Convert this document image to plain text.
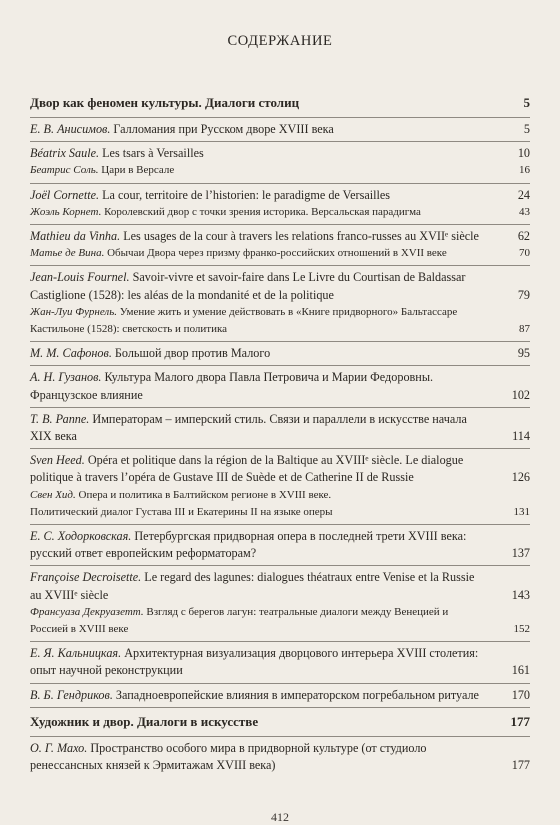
СОДЕРЖАНИЕ
Двор как феномен культуры. Диалоги столиц	5
Е. В. Анисимов. Галломания при Русском дворе XVIII века	5
Béatrix Saule. Les tsars à Versailles	10
Беатрис Соль. Цари в Версале	16
Joël Cornette. La cour, territoire de l’historien: le paradigme de Versailles	24
Жоэль Корнет. Королевский двор с точки зрения историка. Версальская парадигма	43
Mathieu da Vinha. Les usages de la cour à travers les relations franco-russes au XVIIᵉ siècle	62
Матье де Вина. Обычаи Двора через призму франко-российских отношений в XVII веке	70
Jean-Louis Fournel. Savoir-vivre et savoir-faire dans Le Livre du Courtisan de Baldassar Castiglione (1528): les aléas de la mondanité et de la politique	79
Жан-Луи Фурнель. Умение жить и умение действовать в «Книге придворного» Бальтассаре Кастильоне (1528): светскость и политика	87
М. М. Сафонов. Большой двор против Малого	95
А. Н. Гузанов. Культура Малого двора Павла Петровича и Марии Федоровны. Французское влияние	102
Т. В. Раппе. Императорам – имперский стиль. Связи и параллели в искусстве начала XIX века	114
Sven Heed. Opéra et politique dans la région de la Baltique au XVIIIᵉ siècle. Le dialogue politique à travers l’opéra de Gustave III de Suède et de Catherine II de Russie	126
Свен Хид. Опера и политика в Балтийском регионе в XVIII веке.
Политический диалог Густава III и Екатерины II на языке оперы	131
Е. С. Ходорковская. Петербургская придворная опера в последней трети XVIII века: русский ответ европейским реформаторам?	137
Françoise Decroisette. Le regard des lagunes: dialogues théatraux entre Venise et la Russie au XVIIIᵉ siècle	143
Франсуаза Декруазетт. Взгляд с берегов лагун: театральные диалоги между Венецией и Россией в XVIII веке	152
Е. Я. Кальницкая. Архитектурная визуализация дворцового интерьера XVIII столетия: опыт научной реконструкции	161
В. Б. Гендриков. Западноевропейские влияния в императорском погребальном ритуале	170
Художник и двор. Диалоги в искусстве	177
О. Г. Махо. Пространство особого мира в придворной культуре (от студиоло ренессансных князей к Эрмитажам XVIII века)	177
412
